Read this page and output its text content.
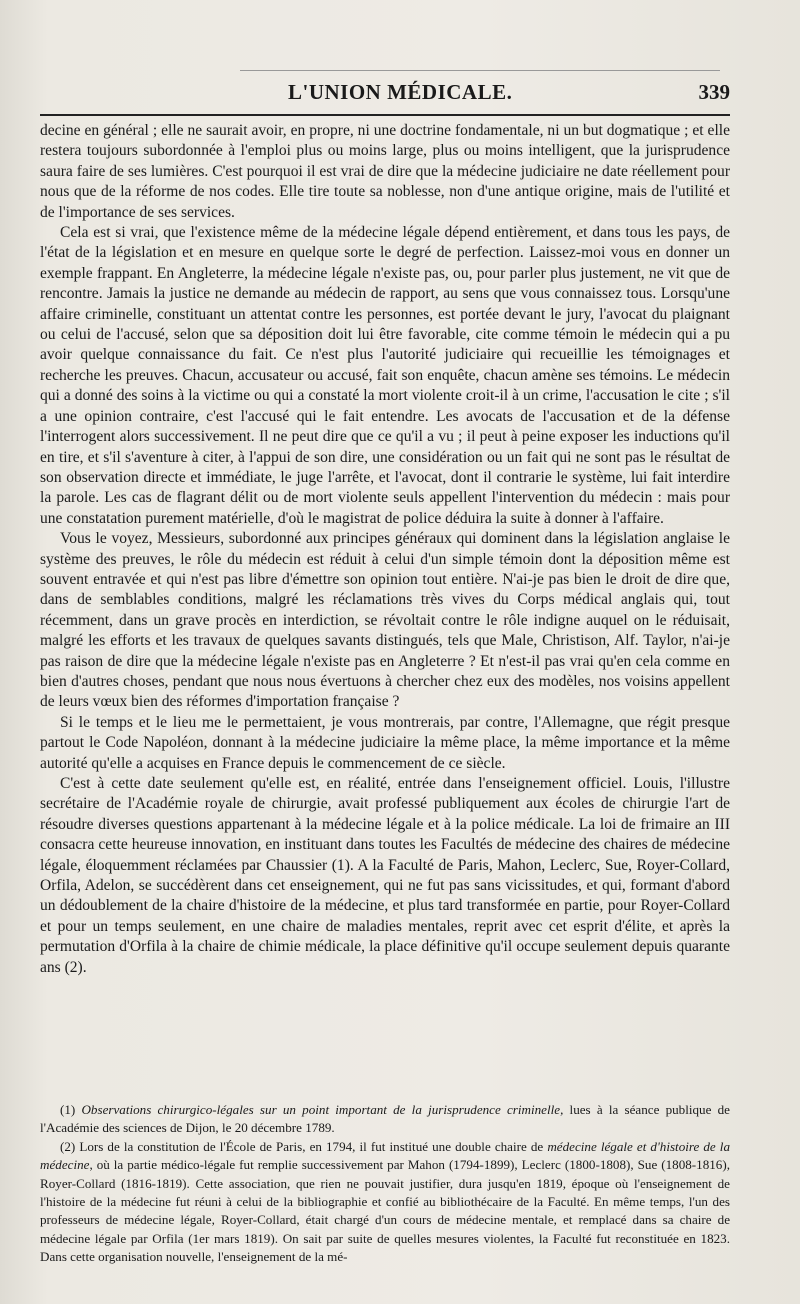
L'UNION MÉDICALE.	339

decine en général ; elle ne saurait avoir, en propre, ni une doctrine fondamentale, ni un but dogmatique ; et elle restera toujours subordonnée à l'emploi plus ou moins large, plus ou moins intelligent, que la jurisprudence saura faire de ses lumières. C'est pourquoi il est vrai de dire que la médecine judiciaire ne date réellement pour nous que de la réforme de nos codes. Elle tire toute sa noblesse, non d'une antique origine, mais de l'utilité et de l'importance de ses services.

Cela est si vrai, que l'existence même de la médecine légale dépend entièrement, et dans tous les pays, de l'état de la législation et en mesure en quelque sorte le degré de perfection. Laissez-moi vous en donner un exemple frappant. En Angleterre, la médecine légale n'existe pas, ou, pour parler plus justement, ne vit que de rencontre. Jamais la justice ne demande au médecin de rapport, au sens que vous connaissez tous. Lorsqu'une affaire criminelle, constituant un attentat contre les personnes, est portée devant le jury, l'avocat du plaignant ou celui de l'accusé, selon que sa déposition doit lui être favorable, cite comme témoin le médecin qui a pu avoir quelque connaissance du fait. Ce n'est plus l'autorité judiciaire qui recueillie les témoignages et recherche les preuves. Chacun, accusateur ou accusé, fait son enquête, chacun amène ses témoins. Le médecin qui a donné des soins à la victime ou qui a constaté la mort violente croit-il à un crime, l'accusation le cite ; s'il a une opinion contraire, c'est l'accusé qui le fait entendre. Les avocats de l'accusation et de la défense l'interrogent alors successivement. Il ne peut dire que ce qu'il a vu ; il peut à peine exposer les inductions qu'il en tire, et s'il s'aventure à citer, à l'appui de son dire, une considération ou un fait qui ne sont pas le résultat de son observation directe et immédiate, le juge l'arrête, et l'avocat, dont il contrarie le système, lui fait interdire la parole. Les cas de flagrant délit ou de mort violente seuls appellent l'intervention du médecin : mais pour une constatation purement matérielle, d'où le magistrat de police déduira la suite à donner à l'affaire.

Vous le voyez, Messieurs, subordonné aux principes généraux qui dominent dans la législation anglaise le système des preuves, le rôle du médecin est réduit à celui d'un simple témoin dont la déposition même est souvent entravée et qui n'est pas libre d'émettre son opinion tout entière. N'ai-je pas bien le droit de dire que, dans de semblables conditions, malgré les réclamations très vives du Corps médical anglais qui, tout récemment, dans un grave procès en interdiction, se révoltait contre le rôle indigne auquel on le réduisait, malgré les efforts et les travaux de quelques savants distingués, tels que Male, Christison, Alf. Taylor, n'ai-je pas raison de dire que la médecine légale n'existe pas en Angleterre ? Et n'est-il pas vrai qu'en cela comme en bien d'autres choses, pendant que nous nous évertuons à chercher chez eux des modèles, nos voisins appellent de leurs vœux bien des réformes d'importation française ?

Si le temps et le lieu me le permettaient, je vous montrerais, par contre, l'Allemagne, que régit presque partout le Code Napoléon, donnant à la médecine judiciaire la même place, la même importance et la même autorité qu'elle a acquises en France depuis le commencement de ce siècle.

C'est à cette date seulement qu'elle est, en réalité, entrée dans l'enseignement officiel. Louis, l'illustre secrétaire de l'Académie royale de chirurgie, avait professé publiquement aux écoles de chirurgie l'art de résoudre diverses questions appartenant à la médecine légale et à la police médicale. La loi de frimaire an III consacra cette heureuse innovation, en instituant dans toutes les Facultés de médecine des chaires de médecine légale, éloquemment réclamées par Chaussier (1). A la Faculté de Paris, Mahon, Leclerc, Sue, Royer-Collard, Orfila, Adelon, se succédèrent dans cet enseignement, qui ne fut pas sans vicissitudes, et qui, formant d'abord un dédoublement de la chaire d'histoire de la médecine, et plus tard transformée en partie, pour Royer-Collard et pour un temps seulement, en une chaire de maladies mentales, reprit avec cet esprit d'élite, et après la permutation d'Orfila à la chaire de chimie médicale, la place définitive qu'il occupe seulement depuis quarante ans (2).

(1) Observations chirurgico-légales sur un point important de la jurisprudence criminelle, lues à la séance publique de l'Académie des sciences de Dijon, le 20 décembre 1789.

(2) Lors de la constitution de l'École de Paris, en 1794, il fut institué une double chaire de médecine légale et d'histoire de la médecine, où la partie médico-légale fut remplie successivement par Mahon (1794-1899), Leclerc (1800-1808), Sue (1808-1816), Royer-Collard (1816-1819). Cette association, que rien ne pouvait justifier, dura jusqu'en 1819, époque où l'enseignement de l'histoire de la médecine fut réuni à celui de la bibliographie et confié au bibliothécaire de la Faculté. En même temps, l'un des professeurs de médecine légale, Royer-Collard, était chargé d'un cours de médecine mentale, et remplacé dans sa chaire de médecine légale par Orfila (1er mars 1819). On sait par suite de quelles mesures violentes, la Faculté fut reconstituée en 1823. Dans cette organisation nouvelle, l'enseignement de la mé-
